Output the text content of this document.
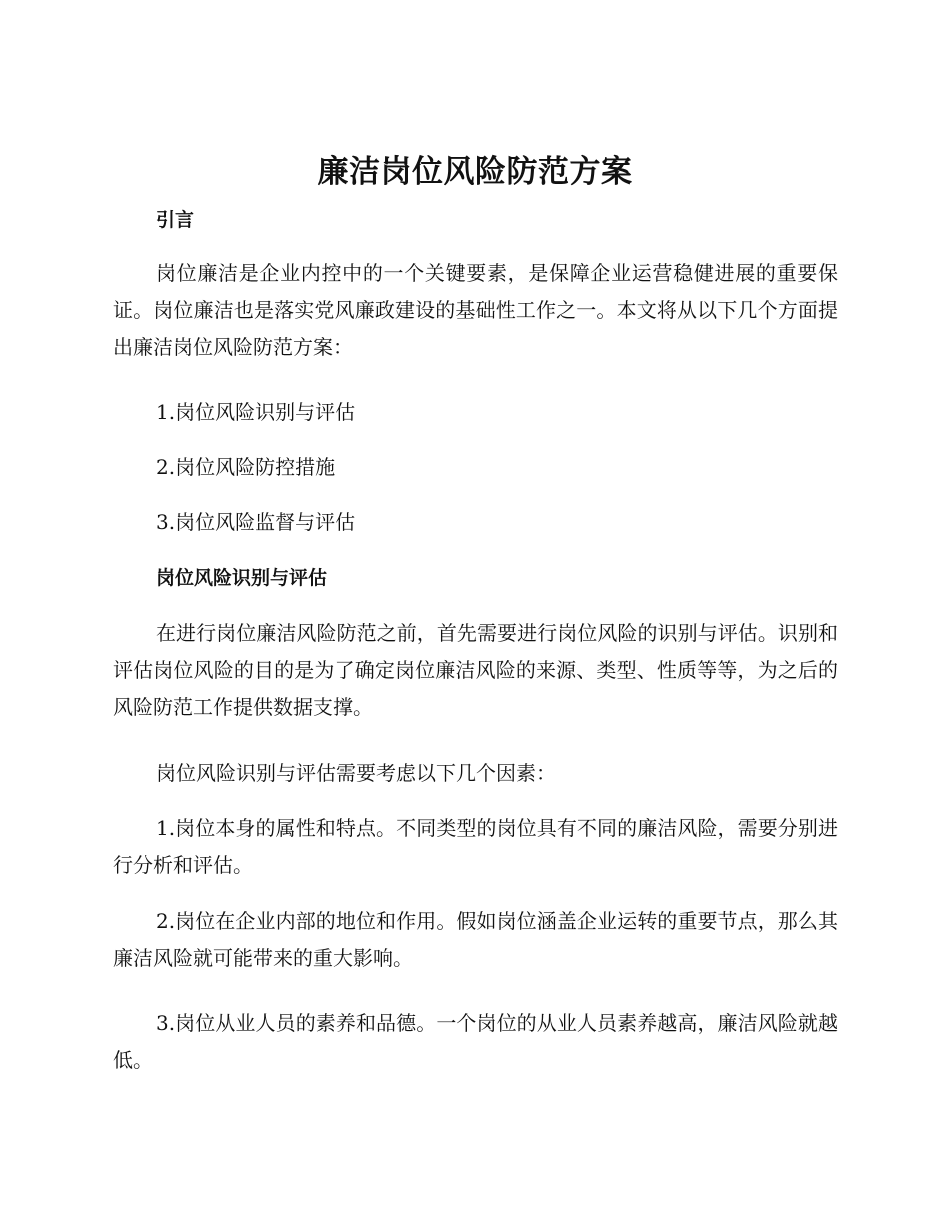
廉洁岗位风险防范方案
引言

岗位廉洁是企业内控中的一个关键要素，是保障企业运营稳健进展的重要保证。岗位廉洁也是落实党风廉政建设的基础性工作之一。本文将从以下几个方面提出廉洁岗位风险防范方案：

1.岗位风险识别与评估

2.岗位风险防控措施

3.岗位风险监督与评估

岗位风险识别与评估

在进行岗位廉洁风险防范之前，首先需要进行岗位风险的识别与评估。识别和评估岗位风险的目的是为了确定岗位廉洁风险的来源、类型、性质等等，为之后的风险防范工作提供数据支撑。

岗位风险识别与评估需要考虑以下几个因素：

1.岗位本身的属性和特点。不同类型的岗位具有不同的廉洁风险，需要分别进行分析和评估。

2.岗位在企业内部的地位和作用。假如岗位涵盖企业运转的重要节点，那么其廉洁风险就可能带来的重大影响。

3.岗位从业人员的素养和品德。一个岗位的从业人员素养越高，廉洁风险就越低。
